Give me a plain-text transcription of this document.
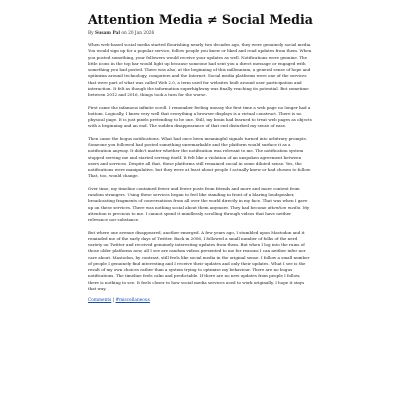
Attention Media ≠ Social Media
By Susam Pal on 20 Jan 2026

When web-based social media started flourishing nearly two decades ago, they were genuinely social media. You would sign up for a popular service, follow people you knew or liked and read updates from them. When you posted something, your followers would receive your updates as well. Notifications were genuine. The little icons in the top bar would light up because someone had sent you a direct message or engaged with something you had posted. There was also, at the beginning of this millennium, a general sense of hope and optimism around technology, computers and the Internet. Social media platforms were one of the services that were part of what was called Web 2.0, a term used for websites built around user participation and interaction. It felt as though the information superhighway was finally reaching its potential. But sometime between 2012 and 2016, things took a turn for the worse.

First came the infamous infinite scroll. I remember feeling uneasy the first time a web page no longer had a bottom. Logically, I knew very well that everything a browser displays is a virtual construct. There is no physical page. It is just pixels pretending to be one. Still, my brain had learned to treat web pages as objects with a beginning and an end. The sudden disappearance of that end disturbed my sense of ease.

Then came the bogus notifications. What had once been meaningful signals turned into arbitrary prompts. Someone you followed had posted something unremarkable and the platform would surface it as a notification anyway. It didn't matter whether the notification was relevant to me. The notification system stopped serving me and started serving itself. It felt like a violation of an unspoken agreement between users and services. Despite all that, these platforms still remained social in some diluted sense. Yes, the notifications were manipulative, but they were at least about people I actually knew or had chosen to follow. That, too, would change.

Over time, my timeline contained fewer and fewer posts from friends and more and more content from random strangers. Using these services began to feel like standing in front of a blaring loudspeaker, broadcasting fragments of conversations from all over the world directly in my face. That was when I gave up on these services. There was nothing social about them anymore. They had become attention media. My attention is precious to me. I cannot spend it mindlessly scrolling through videos that have neither relevance nor substance.

But where one avenue disappeared, another emerged. A few years ago, I stumbled upon Mastodon and it reminded me of the early days of Twitter. Back in 2006, I followed a small number of folks of the nerd variety on Twitter and received genuinely interesting updates from them. But when I log into the ruins of those older platforms now, all I see are random videos presented to me for reasons I can neither infer nor care about. Mastodon, by contrast, still feels like social media in the original sense. I follow a small number of people I genuinely find interesting and I receive their updates and only their updates. What I see is the result of my own choices rather than a system trying to optimise my behaviour. There are no bogus notifications. The timeline feels calm and predictable. If there are no new updates from people I follow, there is nothing to see. It feels closer to how social media services used to work originally. I hope it stays that way.

Comments | #miscellaneous
